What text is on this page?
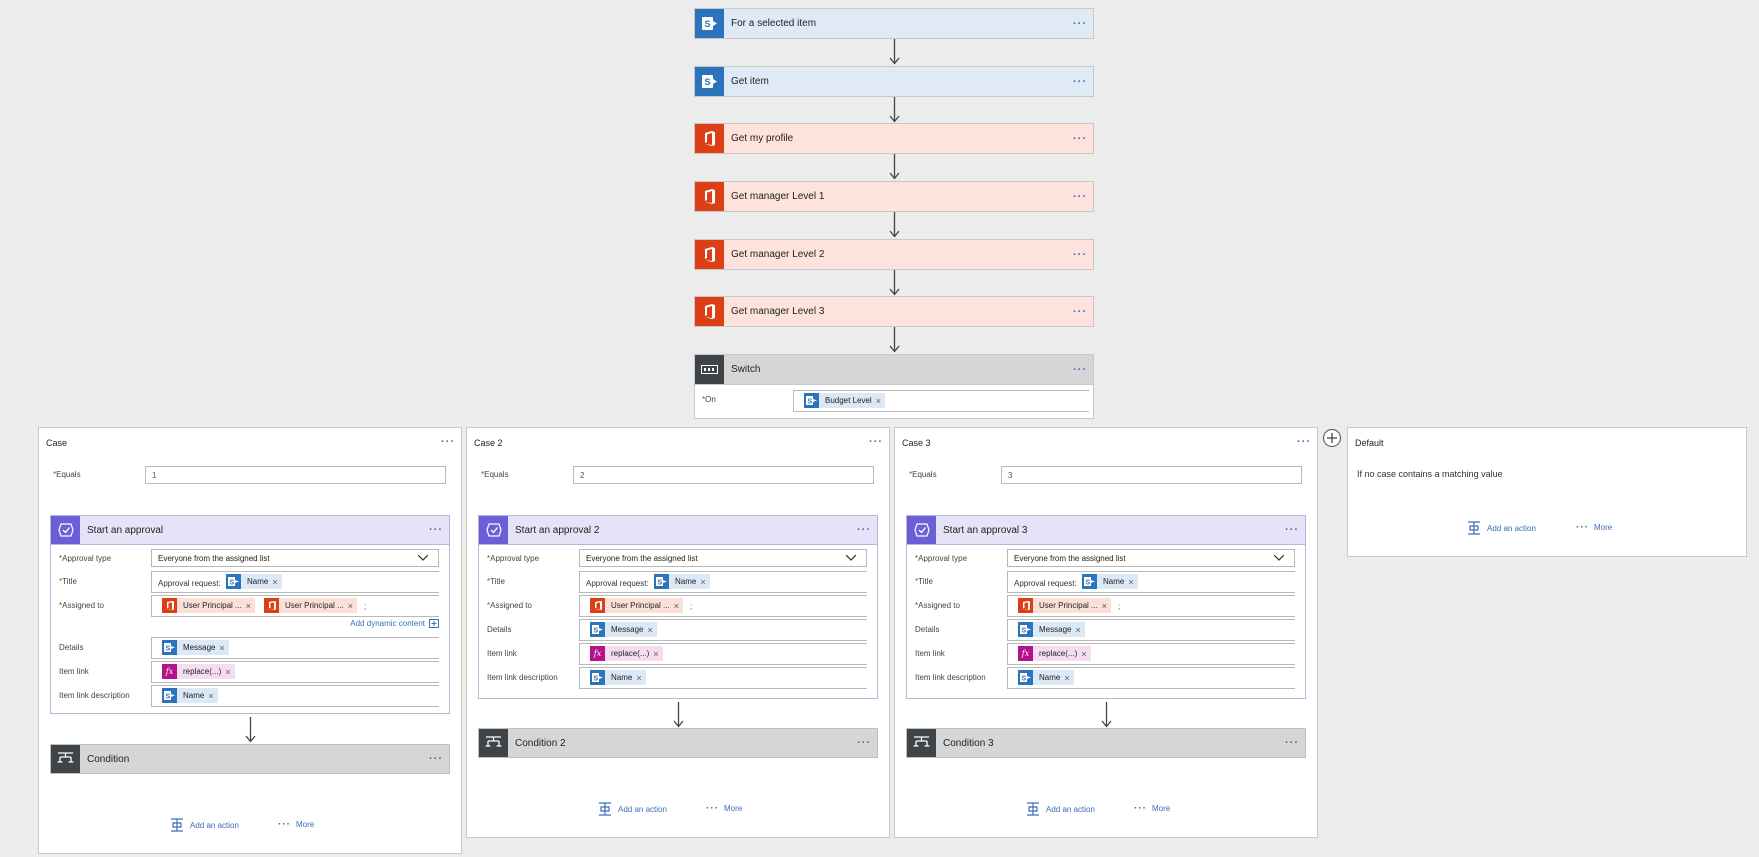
S	For a selected item	···
S	Get item	···
Get my profile	···
Get manager Level 1	···
Get manager Level 2	···
Get manager Level 3	···
Switch	···
*On	S	Budget Level ×
Case	···
*Equals	1
Start an approval	···
*Approval type	Everyone from the assigned list
*Title	Approval request: S	Name ×
*Assigned to	User Principal ... ×	User Principal ... ×	;
Add dynamic content
Details	S	Message ×
Item link	fx	replace(...) ×
Item link description	S	Name ×
Condition	···
Add an action	··· More
Case 2	···
*Equals	2
Start an approval 2	···
*Approval type	Everyone from the assigned list
*Title	Approval request: S	Name ×
*Assigned to	User Principal ... ×	;
Details	S	Message ×
Item link	fx	replace(...) ×
Item link description	S	Name ×
Condition 2	···
Add an action	··· More
Case 3	···
*Equals	3
Start an approval 3	···
*Approval type	Everyone from the assigned list
*Title	Approval request: S	Name ×
*Assigned to	User Principal ... ×	;
Details	S	Message ×
Item link	fx	replace(...) ×
Item link description	S	Name ×
Condition 3	···
Add an action	··· More
Default
If no case contains a matching value
Add an action	··· More
